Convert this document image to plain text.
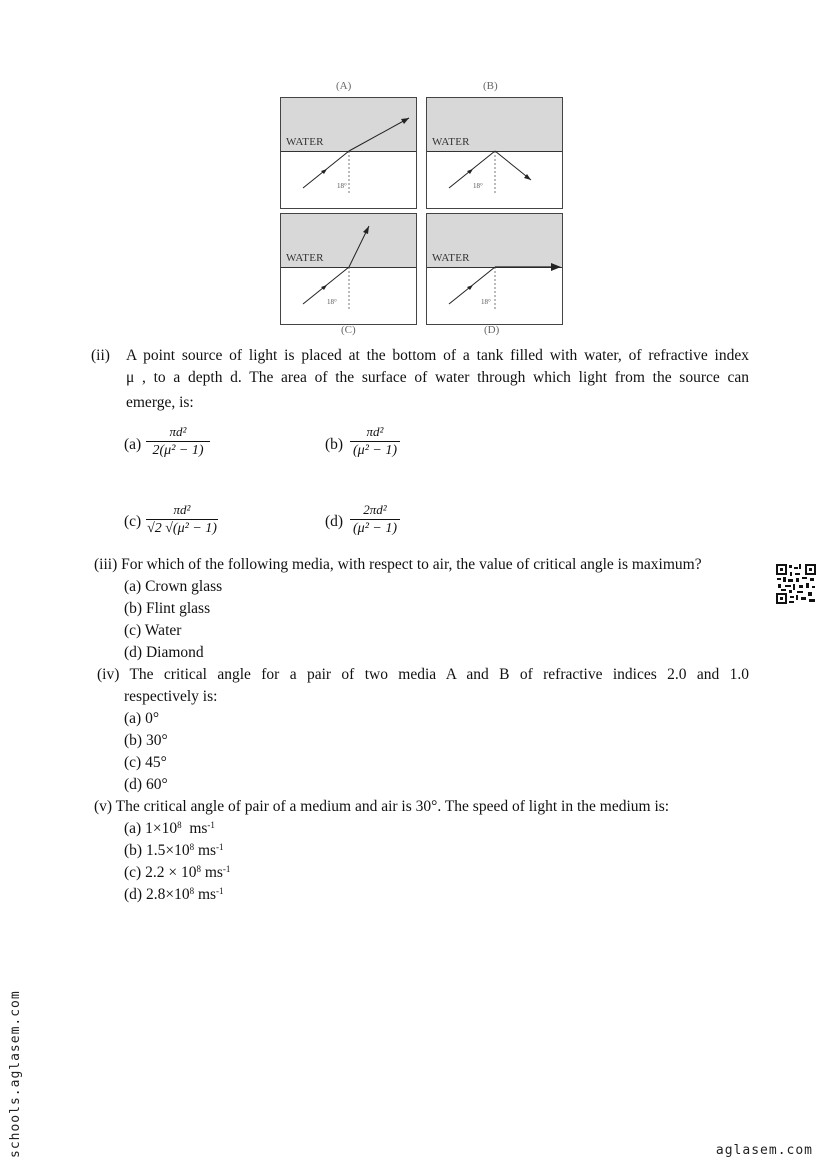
(A)	(B)
WATER
18°
WATER
18°
WATER
18°
WATER
18°
(C)	(D)
(ii) A point source of light is placed at the bottom of a tank filled with water, of refractive index
μ , to a depth d. The area of the surface of water through which light from the source can
emerge, is:
(a)
πd²
2(μ² − 1)	(b)
πd²
(μ² − 1)
(c)
πd²
√2 √(μ² − 1)	(d)
2πd²
(μ² − 1)
(iii) For which of the following media, with respect to air, the value of critical angle is maximum?
(a) Crown glass
(b) Flint glass
(c) Water
(d) Diamond
(iv) The critical angle for a pair of two media A and B of refractive indices 2.0 and 1.0
respectively is:
(a) 0°
(b) 30°
(c) 45°
(d) 60°
(v) The critical angle of pair of a medium and air is 30°. The speed of light in the medium is:
(a) $1\times 10^8$  $ms^{-1}$
(b) $1.5\times 10^8$ $ms^{-1}$
(c) $2.2 \times 10^8$ $ms^{-1}$
(d) $2.8\times 10^8$ $ms^{-1}$
schools.aglasem.com	aglasem.com
